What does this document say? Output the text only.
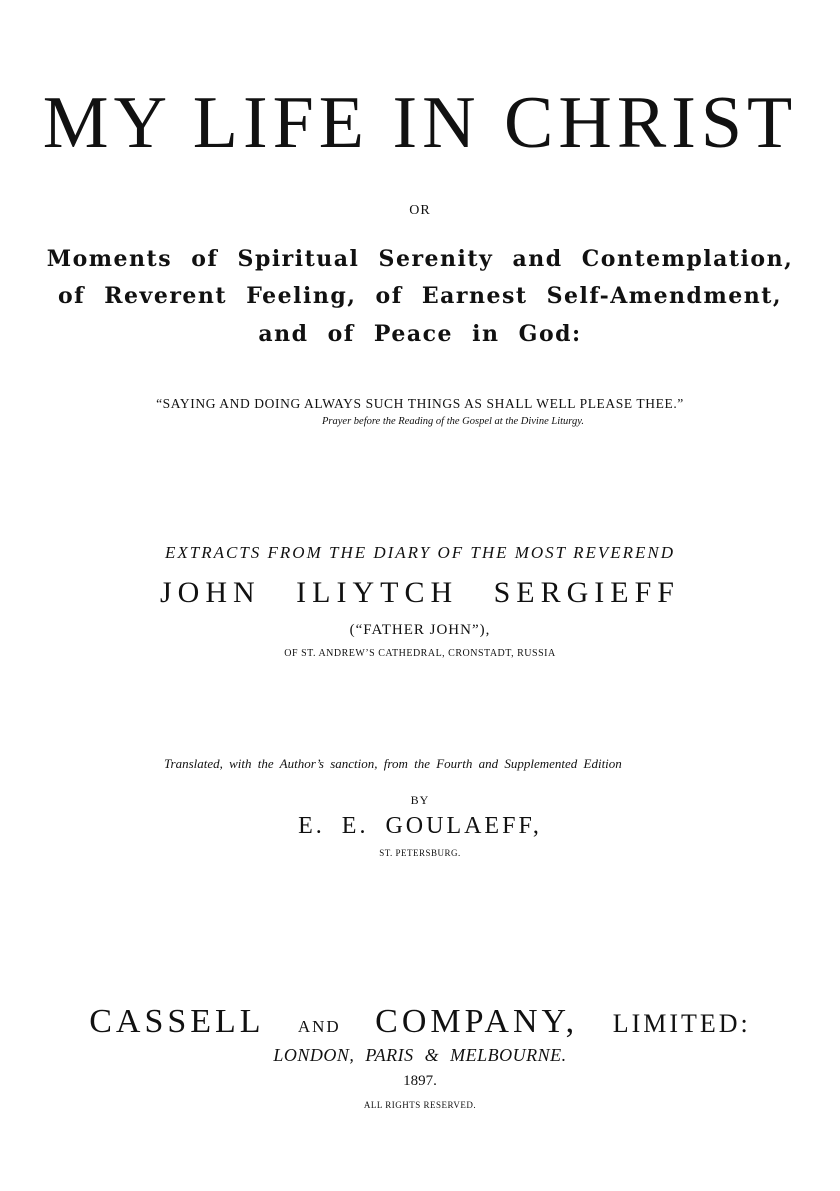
MY LIFE IN CHRIST
OR
Moments of Spiritual Serenity and Contemplation,
of Reverent Feeling, of Earnest Self-Amendment,
and of Peace in God:
“SAYING AND DOING ALWAYS SUCH THINGS AS SHALL WELL PLEASE THEE.”
Prayer before the Reading of the Gospel at the Divine Liturgy.
EXTRACTS FROM THE DIARY OF THE MOST REVEREND
JOHN ILIYTCH SERGIEFF
(“FATHER JOHN”),
OF ST. ANDREW’S CATHEDRAL, CRONSTADT, RUSSIA
Translated, with the Author’s sanction, from the Fourth and Supplemented Edition
BY
E. E. GOULAEFF,
ST. PETERSBURG.
CASSELL AND COMPANY, LIMITED:
LONDON, PARIS & MELBOURNE.
1897.
ALL RIGHTS RESERVED.
